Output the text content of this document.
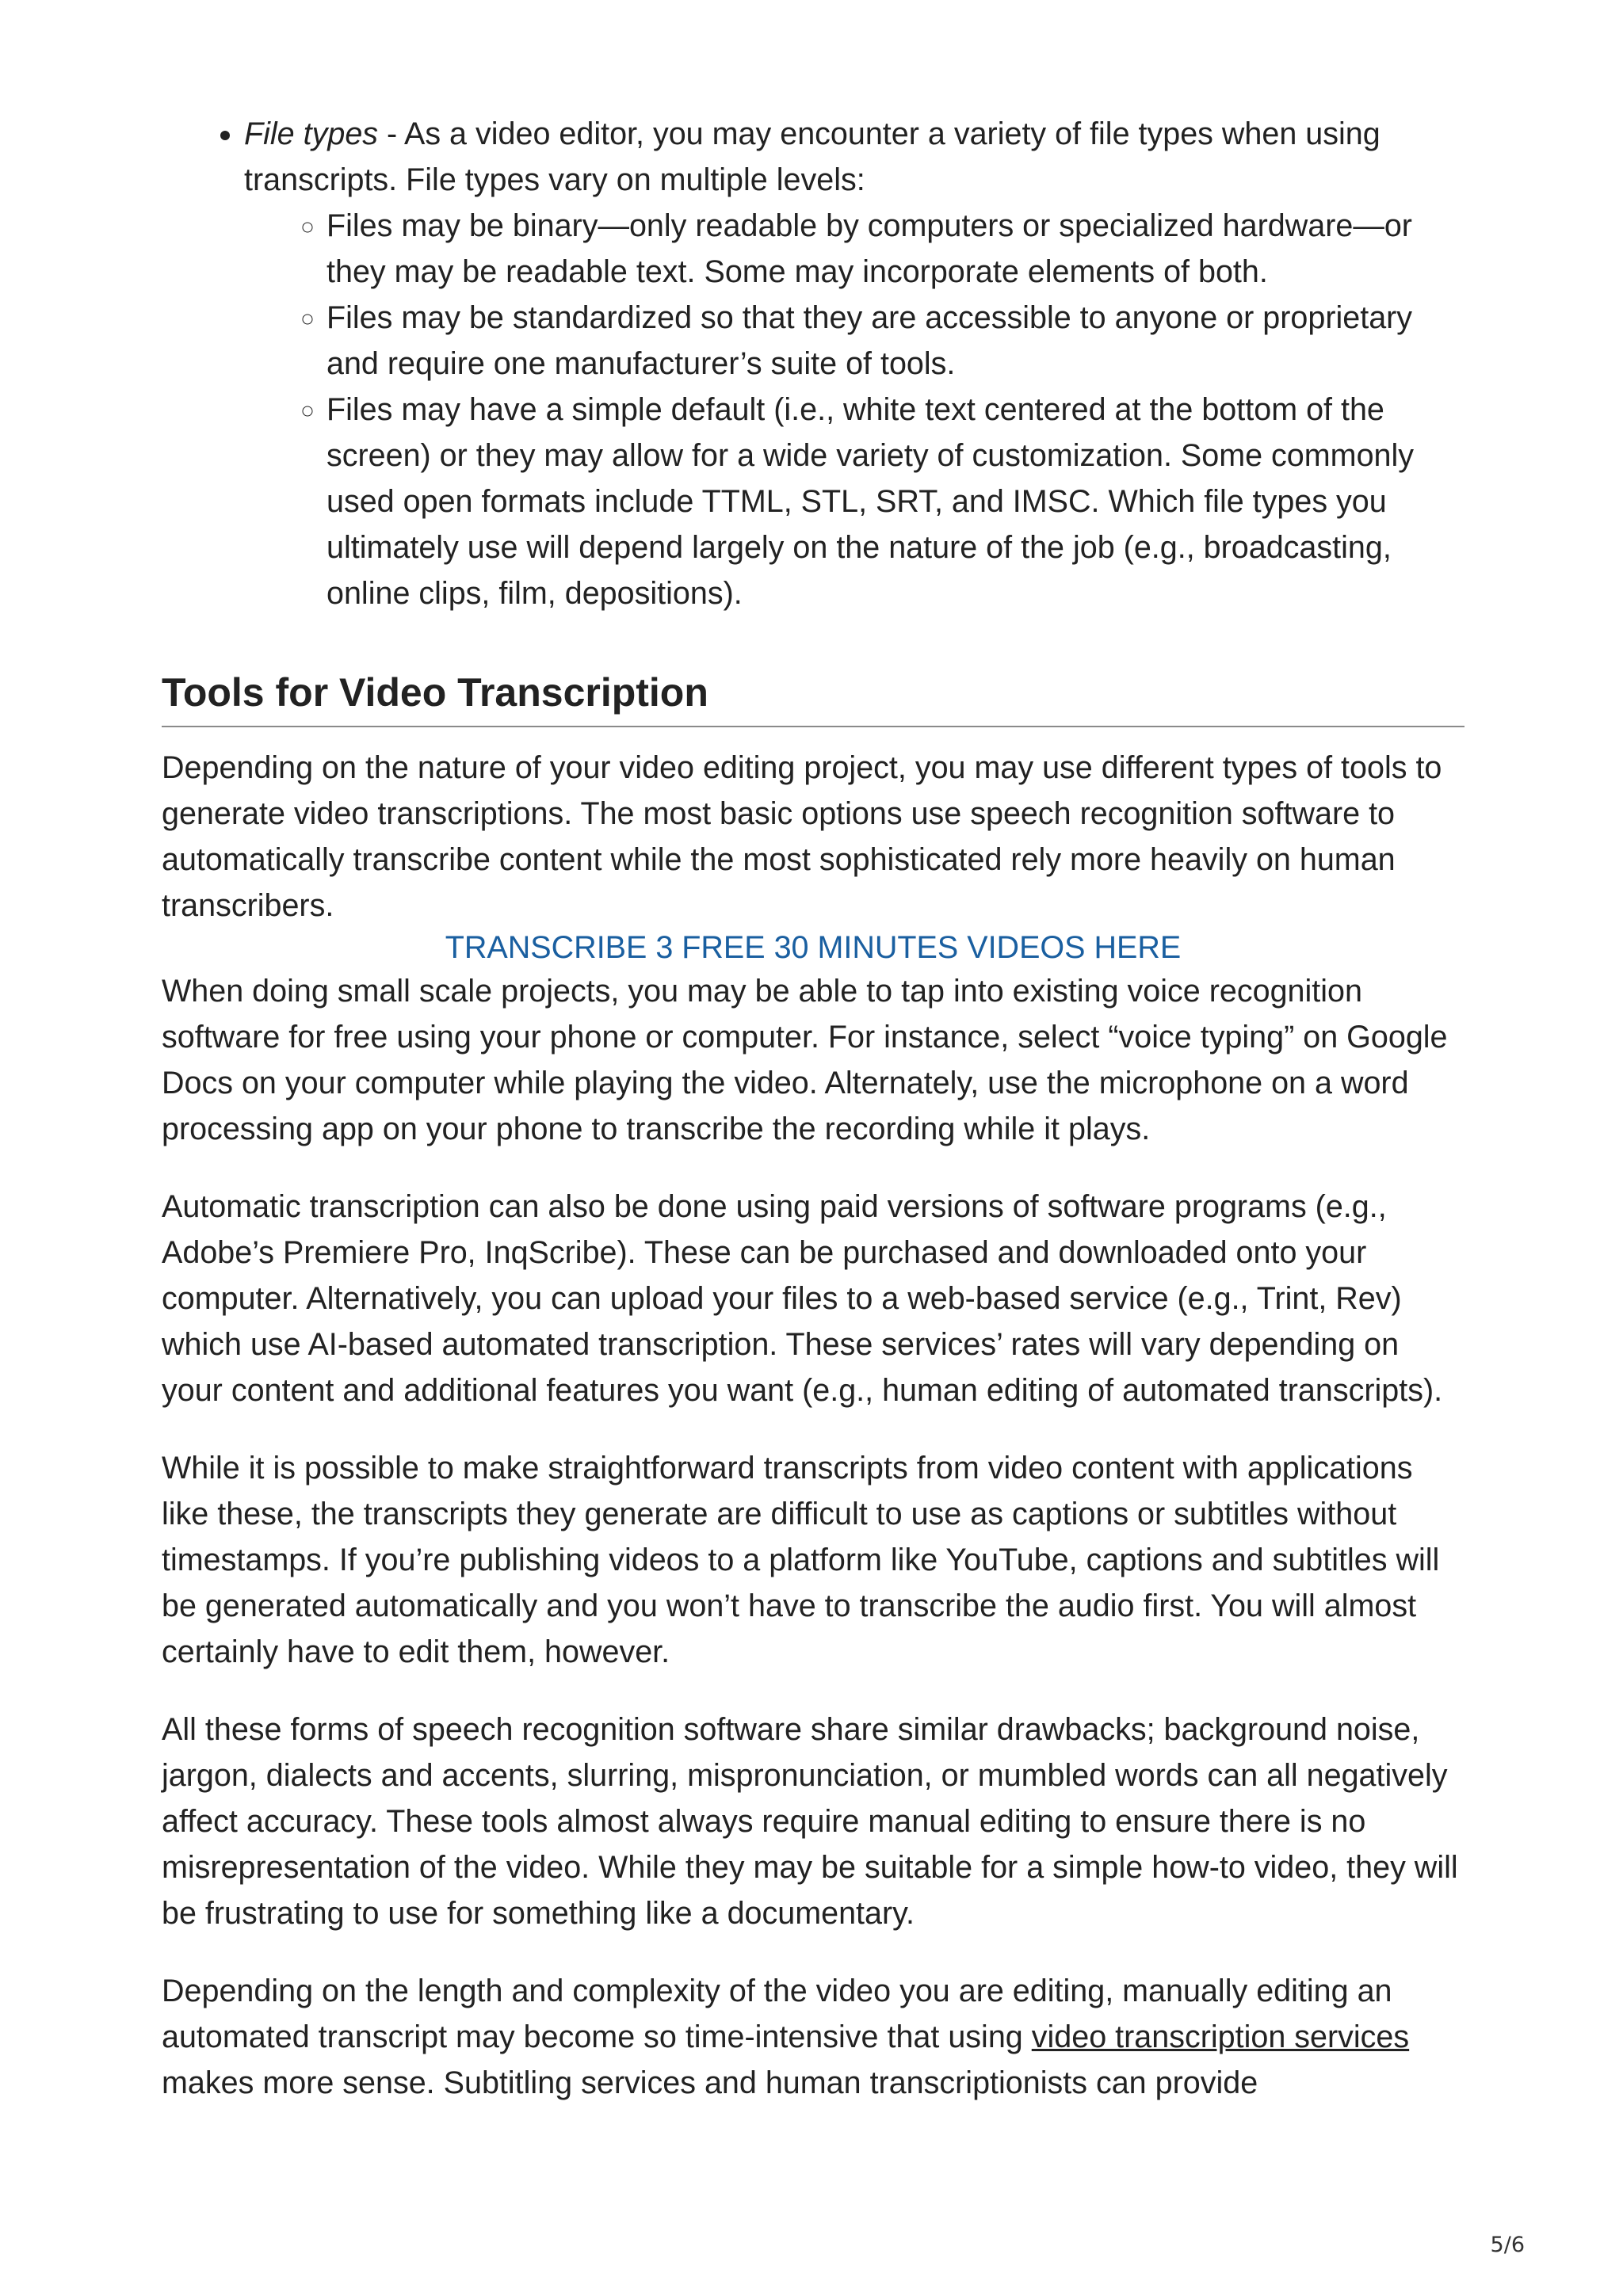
• File types - As a video editor, you may encounter a variety of file types when using transcripts. File types vary on multiple levels:
◦ Files may be binary—only readable by computers or specialized hardware—or they may be readable text. Some may incorporate elements of both.
◦ Files may be standardized so that they are accessible to anyone or proprietary and require one manufacturer’s suite of tools.
◦ Files may have a simple default (i.e., white text centered at the bottom of the screen) or they may allow for a wide variety of customization. Some commonly used open formats include TTML, STL, SRT, and IMSC. Which file types you ultimately use will depend largely on the nature of the job (e.g., broadcasting, online clips, film, depositions).
Tools for Video Transcription

Depending on the nature of your video editing project, you may use different types of tools to generate video transcriptions. The most basic options use speech recognition software to automatically transcribe content while the most sophisticated rely more heavily on human transcribers.

TRANSCRIBE 3 FREE 30 MINUTES VIDEOS HERE

When doing small scale projects, you may be able to tap into existing voice recognition software for free using your phone or computer. For instance, select “voice typing” on Google Docs on your computer while playing the video. Alternately, use the microphone on a word processing app on your phone to transcribe the recording while it plays.

Automatic transcription can also be done using paid versions of software programs (e.g., Adobe’s Premiere Pro, InqScribe). These can be purchased and downloaded onto your computer. Alternatively, you can upload your files to a web-based service (e.g., Trint, Rev) which use AI-based automated transcription. These services’ rates will vary depending on your content and additional features you want (e.g., human editing of automated transcripts).

While it is possible to make straightforward transcripts from video content with applications like these, the transcripts they generate are difficult to use as captions or subtitles without timestamps. If you’re publishing videos to a platform like YouTube, captions and subtitles will be generated automatically and you won’t have to transcribe the audio first. You will almost certainly have to edit them, however.

All these forms of speech recognition software share similar drawbacks; background noise, jargon, dialects and accents, slurring, mispronunciation, or mumbled words can all negatively affect accuracy. These tools almost always require manual editing to ensure there is no misrepresentation of the video. While they may be suitable for a simple how-to video, they will be frustrating to use for something like a documentary.

Depending on the length and complexity of the video you are editing, manually editing an automated transcript may become so time-intensive that using video transcription services makes more sense. Subtitling services and human transcriptionists can provide

5/6
